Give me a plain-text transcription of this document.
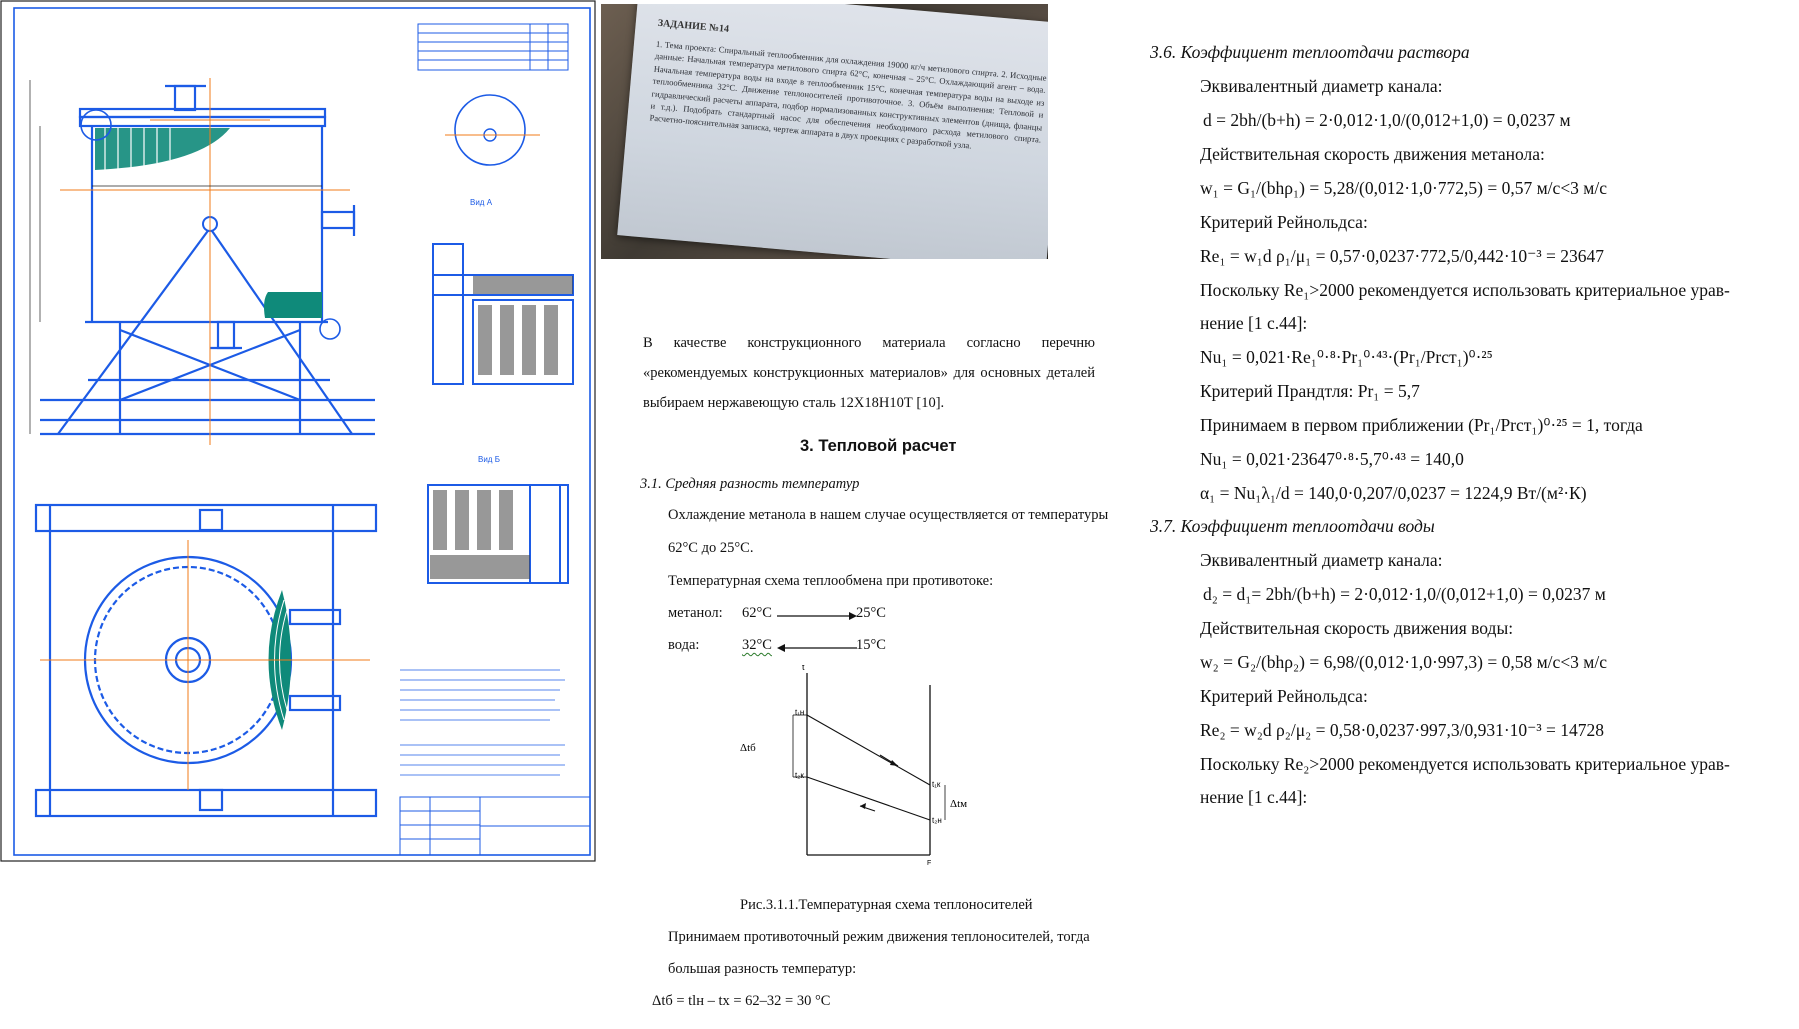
Вид А
Вид Б
ЗАДАНИЕ №14
1. Тема проекта: Спиральный теплообменник для охлаждения 19000 кг/ч метилового спирта. 2. Исходные данные: Начальная температура метилового спирта 62°С, конечная – 25°С. Охлаждающий агент – вода. Начальная температура воды на входе в теплообменник 15°С, конечная температура воды на выходе из теплообменника 32°С. Движение теплоносителей противоточное. 3. Объём выполнения: Тепловой и гидравлический расчеты аппарата, подбор нормализованных конструктивных элементов (днища, фланцы и т.д.). Подобрать стандартный насос для обеспечения необходимого расхода метилового спирта. Расчетно-пояснительная записка, чертеж аппарата в двух проекциях с разработкой узла.
В качестве конструкционного материала согласно перечню «рекомендуемых конструкционных материалов» для основных деталей выбираем нержавеющую сталь 12Х18Н10Т [10].
3. Тепловой расчет
3.1. Средняя разность температур
Охлаждение метанола в нашем случае осуществляется от температуры
62°С до 25°С.
Температурная схема теплообмена при противотоке:
метанол: 62°С	25°С
вода:	32°С	15°С
t
t₁н
t₂к
t₁к
t₂н
Δtб
Δtм
F
Рис.3.1.1.Температурная схема теплоносителей
Принимаем противоточный режим движения теплоносителей, тогда
большая разность температур:
Δtб = tlн – tх = 62–32 = 30 °С
3.6. Коэффициент теплоотдачи раствора
Эквивалентный диаметр канала:
d = 2bh/(b+h) = 2·0,012·1,0/(0,012+1,0) = 0,0237 м
Действительная скорость движения метанола:
w₁ = G₁/(bhρ₁) = 5,28/(0,012·1,0·772,5) = 0,57 м/с<3 м/с
Критерий Рейнольдса:
Re₁ = w₁d ρ₁/μ₁ = 0,57·0,0237·772,5/0,442·10⁻³ = 23647
Поскольку Re₁>2000 рекомендуется использовать критериальное урав-
нение [1 с.44]:
Nu₁ = 0,021·Re₁⁰·⁸·Pr₁⁰·⁴³·(Pr₁/Prст₁)⁰·²⁵
Критерий Прандтля: Pr₁ = 5,7
Принимаем в первом приближении (Pr₁/Prст₁)⁰·²⁵ = 1, тогда
Nu₁ = 0,021·23647⁰·⁸·5,7⁰·⁴³ = 140,0
α₁ = Nu₁λ₁/d = 140,0·0,207/0,0237 = 1224,9 Вт/(м²·К)
3.7. Коэффициент теплоотдачи воды
Эквивалентный диаметр канала:
d₂ = d₁= 2bh/(b+h) = 2·0,012·1,0/(0,012+1,0) = 0,0237 м
Действительная скорость движения воды:
w₂ = G₂/(bhρ₂) = 6,98/(0,012·1,0·997,3) = 0,58 м/с<3 м/с
Критерий Рейнольдса:
Re₂ = w₂d ρ₂/μ₂ = 0,58·0,0237·997,3/0,931·10⁻³ = 14728
Поскольку Re₂>2000 рекомендуется использовать критериальное урав-
нение [1 с.44]:
